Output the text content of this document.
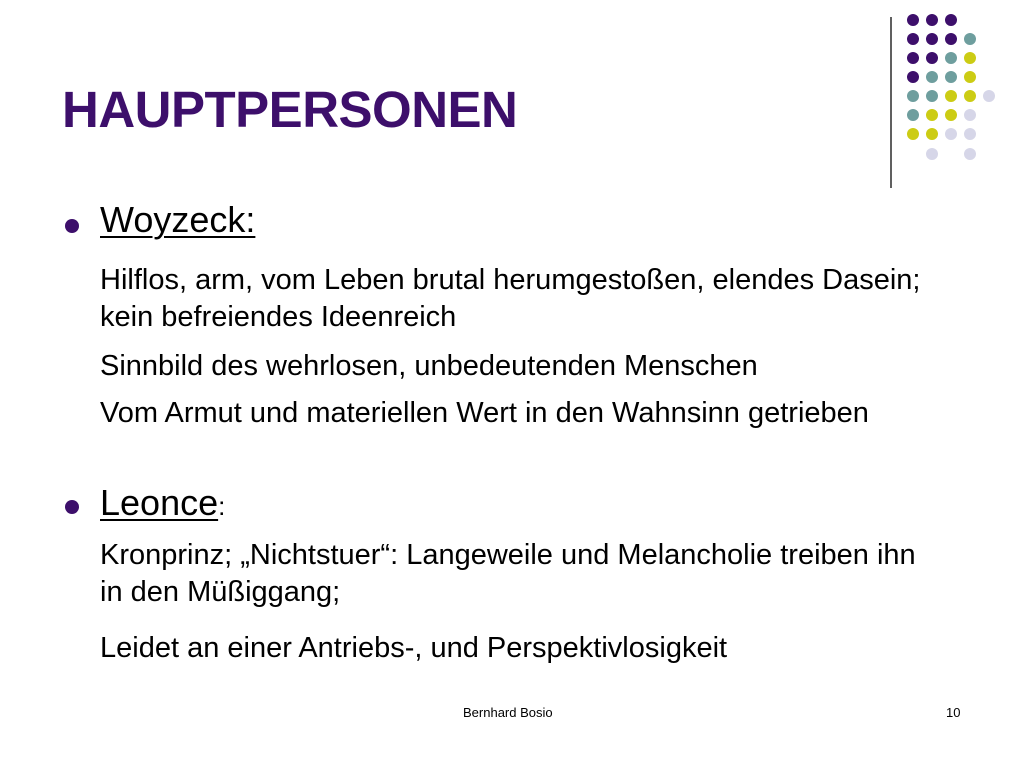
HAUPTPERSONEN
Woyzeck:
Hilflos, arm, vom Leben brutal herumgestoßen, elendes Dasein; kein befreiendes Ideenreich
Sinnbild des wehrlosen, unbedeutenden Menschen
Vom Armut und materiellen Wert in den Wahnsinn getrieben
Leonce:
Kronprinz; „Nichtstuer“: Langeweile und Melancholie treiben ihn in den Müßiggang;
Leidet an einer Antriebs-, und Perspektivlosigkeit
Bernhard Bosio	10
